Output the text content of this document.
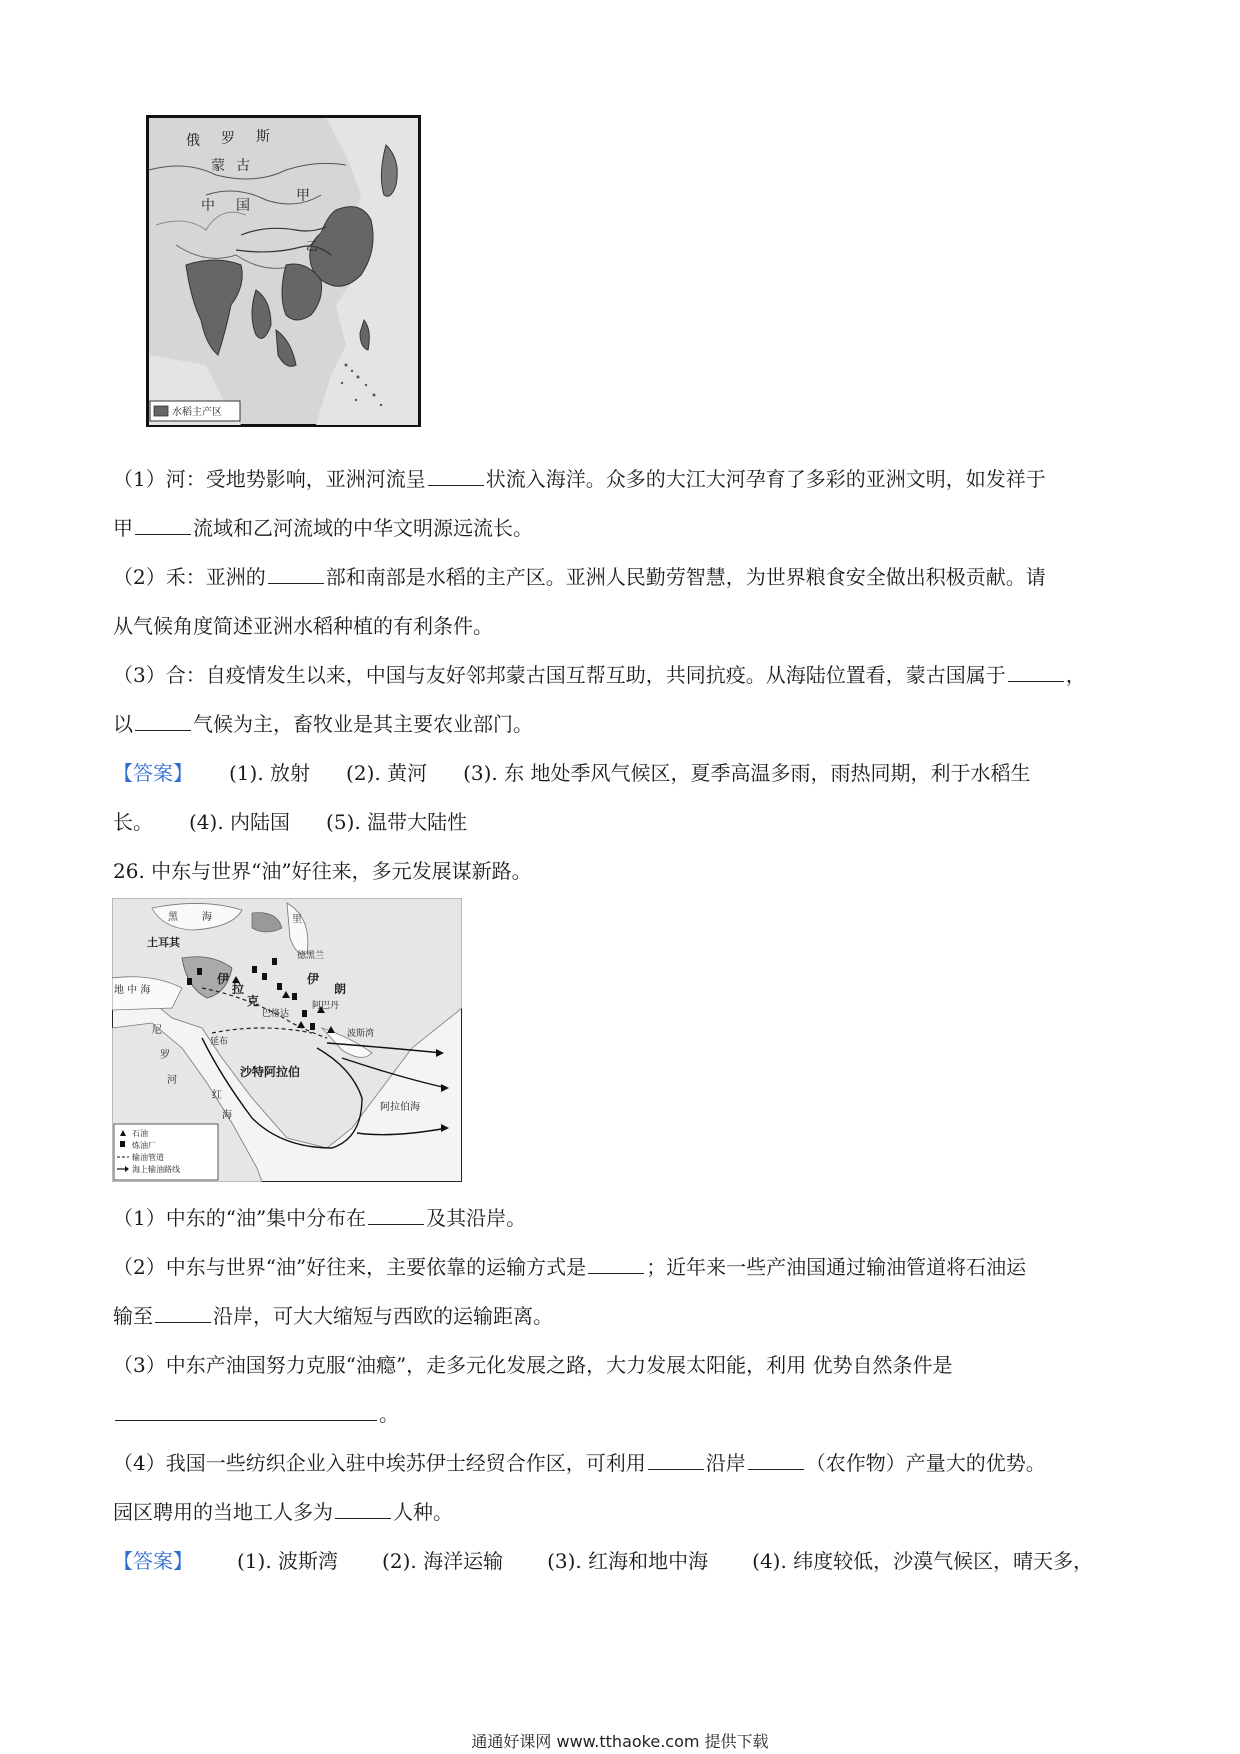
俄 罗 斯
蒙 古
中 国
甲
乙
水稻主产区
（1）河：受地势影响，亚洲河流呈	状流入海洋。众多的大江大河孕育了多彩的亚洲文明，如发祥于
甲	流域和乙河流域的中华文明源远流长。
（2）禾：亚洲的	部和南部是水稻的主产区。亚洲人民勤劳智慧，为世界粮食安全做出积极贡献。请
从气候角度简述亚洲水稻种植的有利条件。
（3）合：自疫情发生以来，中国与友好邻邦蒙古国互帮互助，共同抗疫。从海陆位置看，蒙古国属于	，
以	气候为主，畜牧业是其主要农业部门。
【答案】 (1). 放射 (2). 黄河 (3). 东 地处季风气候区，夏季高温多雨，雨热同期，利于水稻生
长。 (4). 内陆国 (5). 温带大陆性
26. 中东与世界“油”好往来，多元发展谋新路。
黑 海	里
土耳其
地 中 海
伊
拉
克
伊
朗
德黑兰
巴格达
阿巴丹
波斯湾
延布
沙特阿拉伯
尼
罗
河
红
海
阿拉伯海
石油
炼油厂
输油管道
海上输油路线
（1）中东的“油”集中分布在	及其沿岸。
（2）中东与世界“油”好往来，主要依靠的运输方式是	；近年来一些产油国通过输油管道将石油运
输至	沿岸，可大大缩短与西欧的运输距离。
（3）中东产油国努力克服“油瘾”，走多元化发展之路，大力发展太阳能，利用 优势自然条件是
。
（4）我国一些纺织企业入驻中埃苏伊士经贸合作区，可利用	沿岸	（农作物）产量大的优势。
园区聘用的当地工人多为	人种。
【答案】 (1). 波斯湾 (2). 海洋运输 (3). 红海和地中海 (4). 纬度较低，沙漠气候区，晴天多，
通通好课网 www.tthaoke.com 提供下载
